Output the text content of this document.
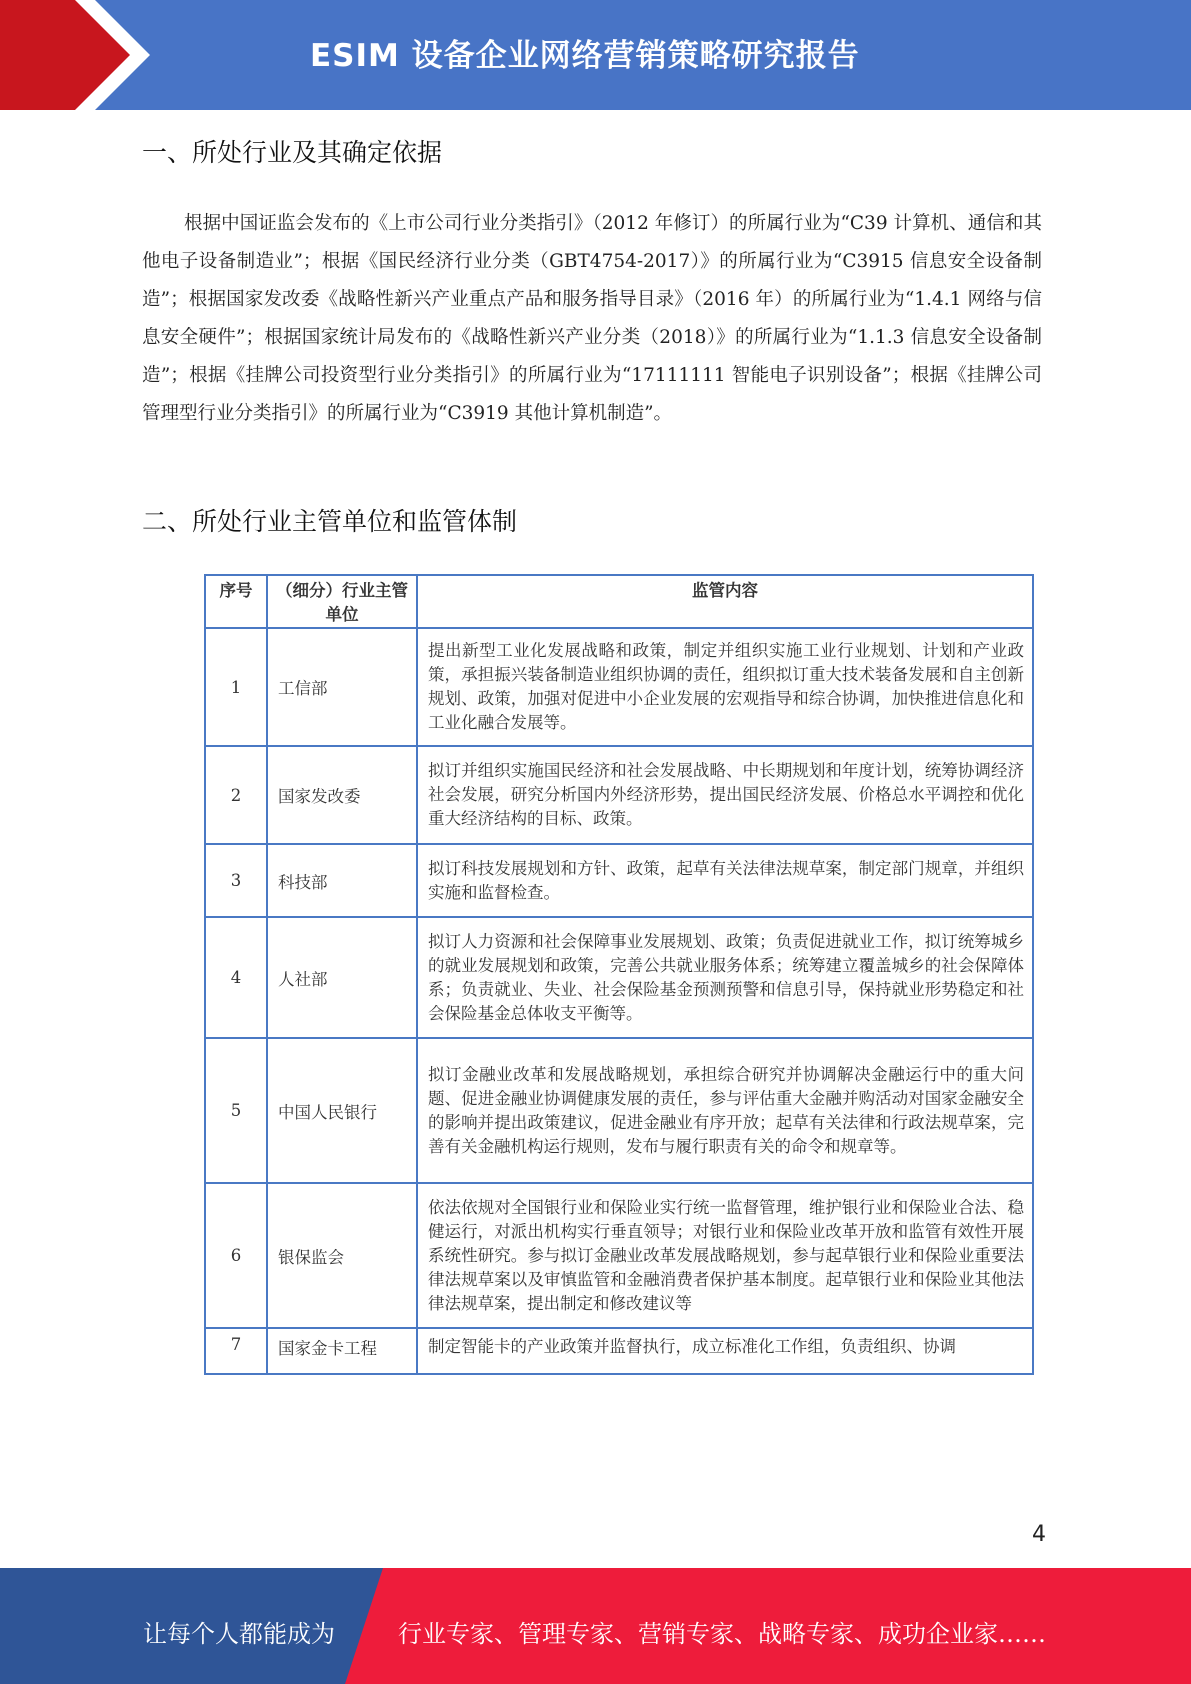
ESIM 设备企业网络营销策略研究报告
一、所处行业及其确定依据

根据中国证监会发布的《上市公司行业分类指引》（2012 年修订）的所属行业为“C39 计算机、通信和其他电子设备制造业”；根据《国民经济行业分类（GBT4754-2017）》的所属行业为“C3915 信息安全设备制造”；根据国家发改委《战略性新兴产业重点产品和服务指导目录》（2016 年）的所属行业为“1.4.1 网络与信息安全硬件”；根据国家统计局发布的《战略性新兴产业分类（2018）》的所属行业为“1.1.3 信息安全设备制造”；根据《挂牌公司投资型行业分类指引》的所属行业为“17111111 智能电子识别设备”；根据《挂牌公司管理型行业分类指引》的所属行业为“C3919 其他计算机制造”。

二、所处行业主管单位和监管体制
序号	（细分）行业主管单位	监管内容
1	工信部	提出新型工业化发展战略和政策，制定并组织实施工业行业规划、计划和产业政策，承担振兴装备制造业组织协调的责任，组织拟订重大技术装备发展和自主创新规划、政策，加强对促进中小企业发展的宏观指导和综合协调，加快推进信息化和工业化融合发展等。
2	国家发改委	拟订并组织实施国民经济和社会发展战略、中长期规划和年度计划，统筹协调经济社会发展，研究分析国内外经济形势，提出国民经济发展、价格总水平调控和优化重大经济结构的目标、政策。
3	科技部	拟订科技发展规划和方针、政策，起草有关法律法规草案，制定部门规章，并组织实施和监督检查。
4	人社部	拟订人力资源和社会保障事业发展规划、政策；负责促进就业工作，拟订统筹城乡的就业发展规划和政策，完善公共就业服务体系；统筹建立覆盖城乡的社会保障体系；负责就业、失业、社会保险基金预测预警和信息引导，保持就业形势稳定和社会保险基金总体收支平衡等。
5	中国人民银行	拟订金融业改革和发展战略规划，承担综合研究并协调解决金融运行中的重大问题、促进金融业协调健康发展的责任，参与评估重大金融并购活动对国家金融安全的影响并提出政策建议，促进金融业有序开放；起草有关法律和行政法规草案，完善有关金融机构运行规则，发布与履行职责有关的命令和规章等。
6	银保监会	依法依规对全国银行业和保险业实行统一监督管理，维护银行业和保险业合法、稳健运行，对派出机构实行垂直领导；对银行业和保险业改革开放和监管有效性开展系统性研究。参与拟订金融业改革发展战略规划，参与起草银行业和保险业重要法律法规草案以及审慎监管和金融消费者保护基本制度。起草银行业和保险业其他法律法规草案，提出制定和修改建议等
7	国家金卡工程	制定智能卡的产业政策并监督执行，成立标准化工作组，负责组织、协调
4
让每个人都能成为	行业专家、管理专家、营销专家、战略专家、成功企业家……
